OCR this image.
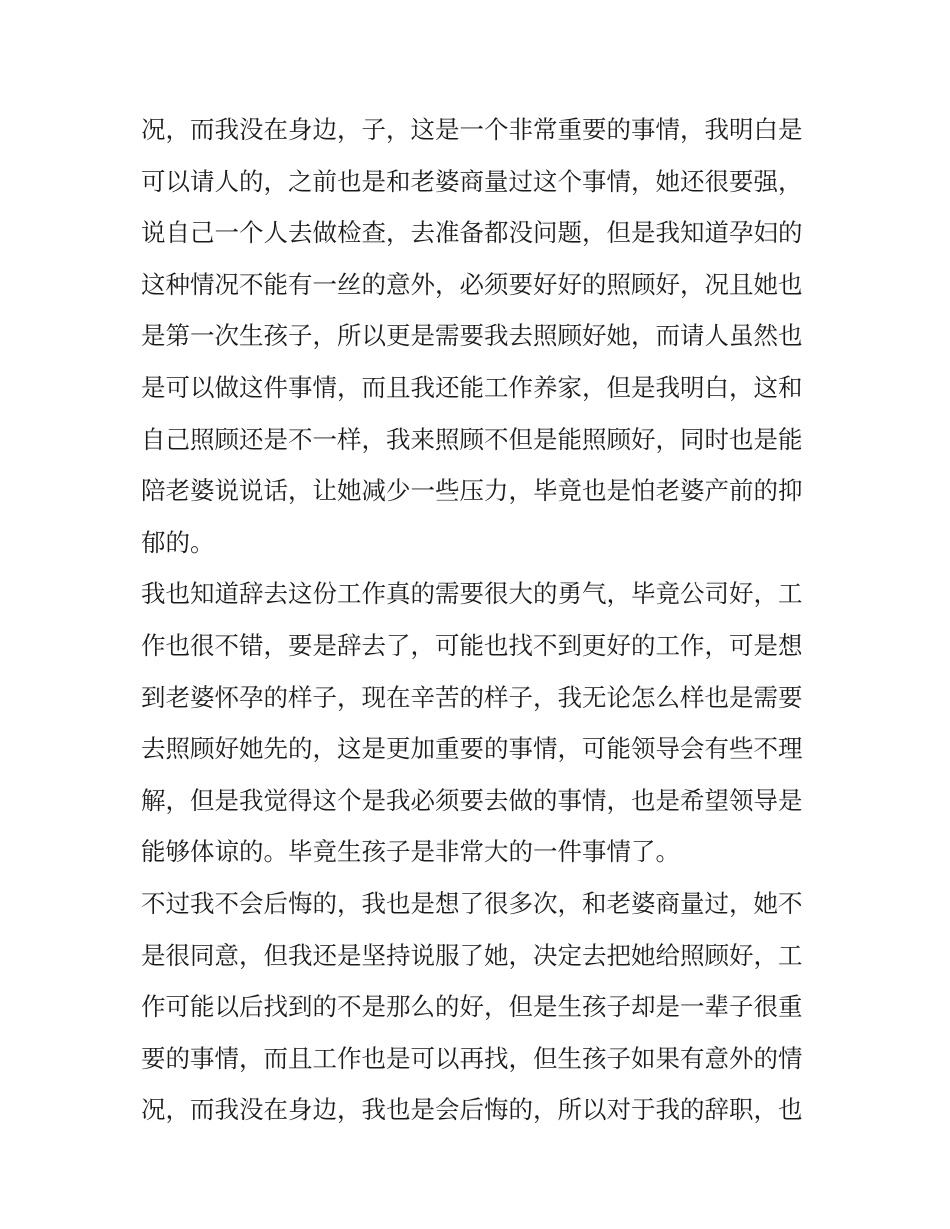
况，而我没在身边，子，这是一个非常重要的事情，我明白是
可以请人的，之前也是和老婆商量过这个事情，她还很要强，
说自己一个人去做检查，去准备都没问题，但是我知道孕妇的
这种情况不能有一丝的意外，必须要好好的照顾好，况且她也
是第一次生孩子，所以更是需要我去照顾好她，而请人虽然也
是可以做这件事情，而且我还能工作养家，但是我明白，这和
自己照顾还是不一样，我来照顾不但是能照顾好，同时也是能
陪老婆说说话，让她减少一些压力，毕竟也是怕老婆产前的抑
郁的。
我也知道辞去这份工作真的需要很大的勇气，毕竟公司好，工
作也很不错，要是辞去了，可能也找不到更好的工作，可是想
到老婆怀孕的样子，现在辛苦的样子，我无论怎么样也是需要
去照顾好她先的，这是更加重要的事情，可能领导会有些不理
解，但是我觉得这个是我必须要去做的事情，也是希望领导是
能够体谅的。毕竟生孩子是非常大的一件事情了。
不过我不会后悔的，我也是想了很多次，和老婆商量过，她不
是很同意，但我还是坚持说服了她，决定去把她给照顾好，工
作可能以后找到的不是那么的好，但是生孩子却是一辈子很重
要的事情，而且工作也是可以再找，但生孩子如果有意外的情
况，而我没在身边，我也是会后悔的，所以对于我的辞职，也
